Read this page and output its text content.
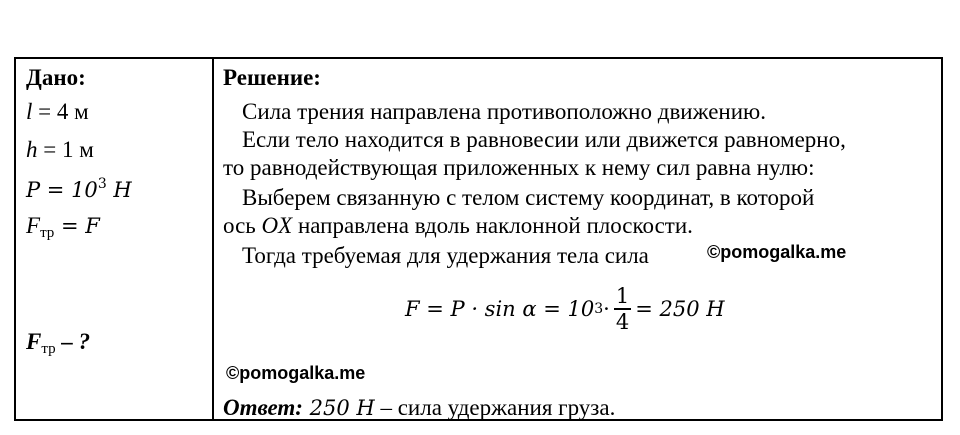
Дано:
l = 4 м
h = 1 м
$P = 10^3$ H
$F_{тр} = F$
$F_{тр}$ – ?
Решение:
Сила трения направлена противоположно движению.
Если тело находится в равновесии или движется равномерно,
то равнодействующая приложенных к нему сил равна нулю:
Выберем связанную с телом систему координат, в которой
ось OX направлена вдоль наклонной плоскости.
Тогда требуемая для удержания тела сила	©pomogalka.me
F = P · sin α = 10 $3 \cdot \frac{1}{4} = 250$ H
©pomogalka.me
Ответ: 250 H – сила удержания груза.
